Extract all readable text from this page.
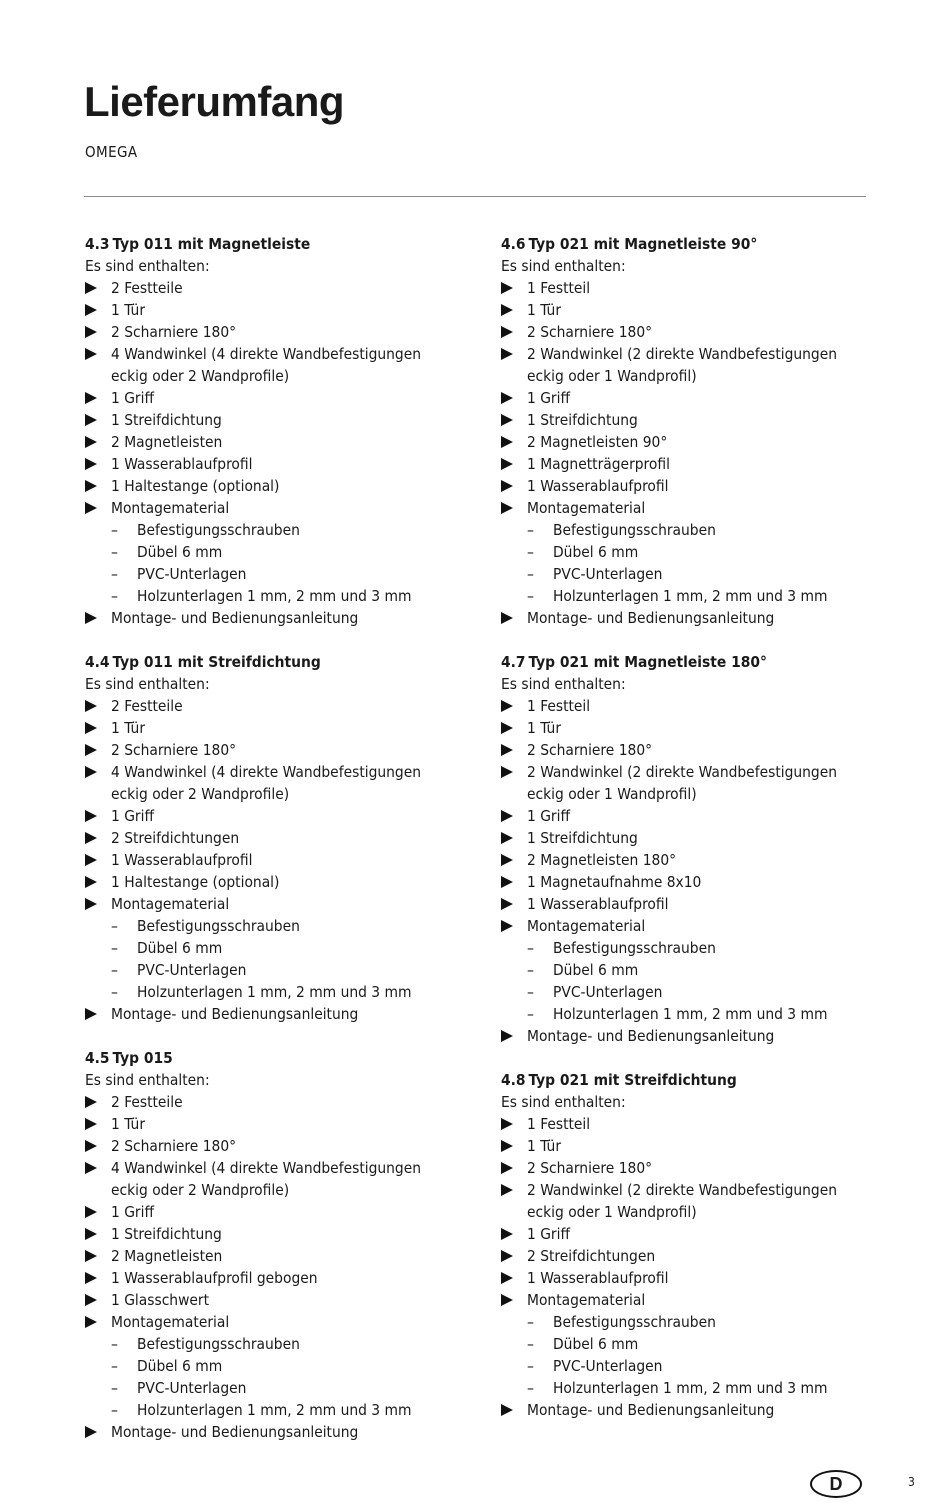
Lieferumfang
OMEGA
4.3 Typ 011 mit Magnetleiste
Es sind enthalten:
2 Festteile
1 Tür
2 Scharniere 180°
4 Wandwinkel (4 direkte Wandbefestigungen
eckig oder 2 Wandprofile)
1 Griff
1 Streifdichtung
2 Magnetleisten
1 Wasserablaufprofil
1 Haltestange (optional)
Montagematerial
– Befestigungsschrauben
– Dübel 6 mm
– PVC-Unterlagen
– Holzunterlagen 1 mm, 2 mm und 3 mm
Montage- und Bedienungsanleitung
4.4 Typ 011 mit Streifdichtung
Es sind enthalten:
2 Festteile
1 Tür
2 Scharniere 180°
4 Wandwinkel (4 direkte Wandbefestigungen
eckig oder 2 Wandprofile)
1 Griff
2 Streifdichtungen
1 Wasserablaufprofil
1 Haltestange (optional)
Montagematerial
– Befestigungsschrauben
– Dübel 6 mm
– PVC-Unterlagen
– Holzunterlagen 1 mm, 2 mm und 3 mm
Montage- und Bedienungsanleitung
4.5 Typ 015
Es sind enthalten:
2 Festteile
1 Tür
2 Scharniere 180°
4 Wandwinkel (4 direkte Wandbefestigungen
eckig oder 2 Wandprofile)
1 Griff
1 Streifdichtung
2 Magnetleisten
1 Wasserablaufprofil gebogen
1 Glasschwert
Montagematerial
– Befestigungsschrauben
– Dübel 6 mm
– PVC-Unterlagen
– Holzunterlagen 1 mm, 2 mm und 3 mm
Montage- und Bedienungsanleitung
4.6 Typ 021 mit Magnetleiste 90°
Es sind enthalten:
1 Festteil
1 Tür
2 Scharniere 180°
2 Wandwinkel (2 direkte Wandbefestigungen
eckig oder 1 Wandprofil)
1 Griff
1 Streifdichtung
2 Magnetleisten 90°
1 Magnetträgerprofil
1 Wasserablaufprofil
Montagematerial
– Befestigungsschrauben
– Dübel 6 mm
– PVC-Unterlagen
– Holzunterlagen 1 mm, 2 mm und 3 mm
Montage- und Bedienungsanleitung
4.7 Typ 021 mit Magnetleiste 180°
Es sind enthalten:
1 Festteil
1 Tür
2 Scharniere 180°
2 Wandwinkel (2 direkte Wandbefestigungen
eckig oder 1 Wandprofil)
1 Griff
1 Streifdichtung
2 Magnetleisten 180°
1 Magnetaufnahme 8x10
1 Wasserablaufprofil
Montagematerial
– Befestigungsschrauben
– Dübel 6 mm
– PVC-Unterlagen
– Holzunterlagen 1 mm, 2 mm und 3 mm
Montage- und Bedienungsanleitung
4.8 Typ 021 mit Streifdichtung
Es sind enthalten:
1 Festteil
1 Tür
2 Scharniere 180°
2 Wandwinkel (2 direkte Wandbefestigungen
eckig oder 1 Wandprofil)
1 Griff
2 Streifdichtungen
1 Wasserablaufprofil
Montagematerial
– Befestigungsschrauben
– Dübel 6 mm
– PVC-Unterlagen
– Holzunterlagen 1 mm, 2 mm und 3 mm
Montage- und Bedienungsanleitung
D	3
